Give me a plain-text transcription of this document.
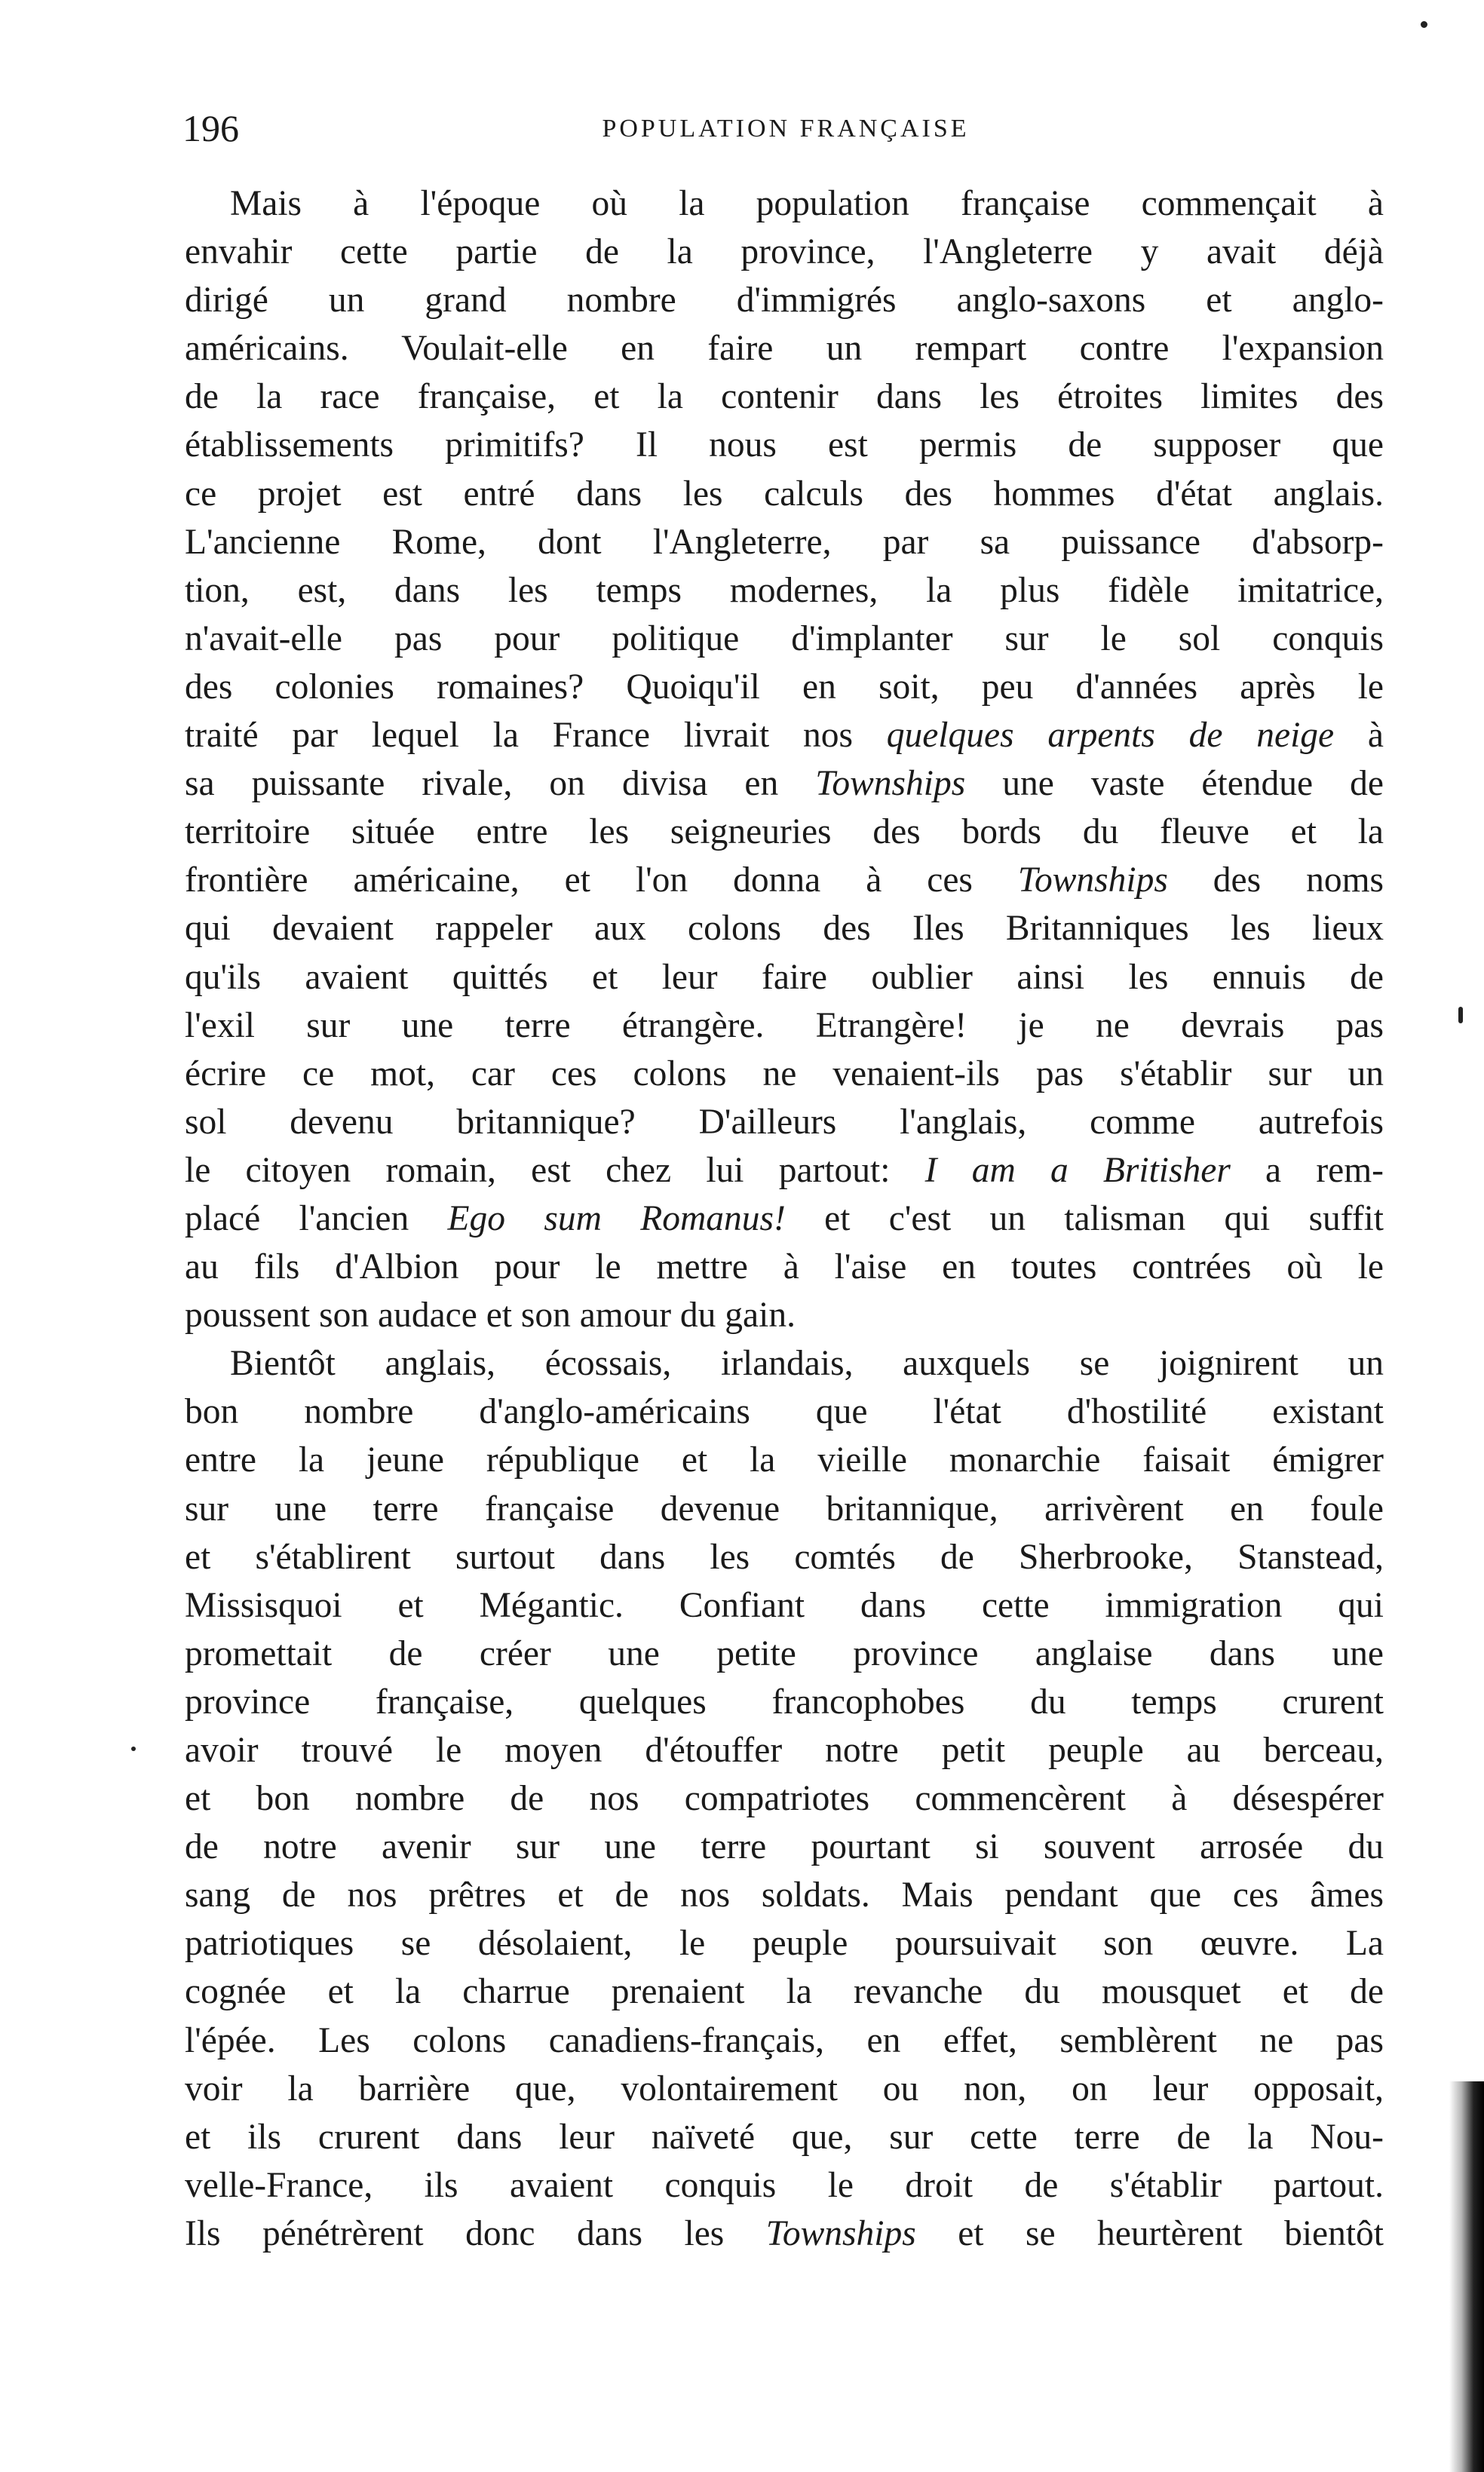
196	POPULATION FRANÇAISE
Mais à l'époque où la population française commençait à
envahir cette partie de la province, l'Angleterre y avait déjà
dirigé un grand nombre d'immigrés anglo-saxons et anglo-
américains. Voulait-elle en faire un rempart contre l'expansion
de la race française, et la contenir dans les étroites limites des
établissements primitifs? Il nous est permis de supposer que
ce projet est entré dans les calculs des hommes d'état anglais.
L'ancienne Rome, dont l'Angleterre, par sa puissance d'absorp-
tion, est, dans les temps modernes, la plus fidèle imitatrice,
n'avait-elle pas pour politique d'implanter sur le sol conquis
des colonies romaines? Quoiqu'il en soit, peu d'années après le
traité par lequel la France livrait nos quelques arpents de neige à
sa puissante rivale, on divisa en Townships une vaste étendue de
territoire située entre les seigneuries des bords du fleuve et la
frontière américaine, et l'on donna à ces Townships des noms
qui devaient rappeler aux colons des Iles Britanniques les lieux
qu'ils avaient quittés et leur faire oublier ainsi les ennuis de
l'exil sur une terre étrangère. Etrangère! je ne devrais pas
écrire ce mot, car ces colons ne venaient-ils pas s'établir sur un
sol devenu britannique? D'ailleurs l'anglais, comme autrefois
le citoyen romain, est chez lui partout: I am a Britisher a rem-
placé l'ancien Ego sum Romanus! et c'est un talisman qui suffit
au fils d'Albion pour le mettre à l'aise en toutes contrées où le
poussent son audace et son amour du gain.
Bientôt anglais, écossais, irlandais, auxquels se joignirent un
bon nombre d'anglo-américains que l'état d'hostilité existant
entre la jeune république et la vieille monarchie faisait émigrer
sur une terre française devenue britannique, arrivèrent en foule
et s'établirent surtout dans les comtés de Sherbrooke, Stanstead,
Missisquoi et Mégantic. Confiant dans cette immigration qui
promettait de créer une petite province anglaise dans une
province française, quelques francophobes du temps crurent
avoir trouvé le moyen d'étouffer notre petit peuple au berceau,
et bon nombre de nos compatriotes commencèrent à désespérer
de notre avenir sur une terre pourtant si souvent arrosée du
sang de nos prêtres et de nos soldats. Mais pendant que ces âmes
patriotiques se désolaient, le peuple poursuivait son œuvre. La
cognée et la charrue prenaient la revanche du mousquet et de
l'épée. Les colons canadiens-français, en effet, semblèrent ne pas
voir la barrière que, volontairement ou non, on leur opposait,
et ils crurent dans leur naïveté que, sur cette terre de la Nou-
velle-France, ils avaient conquis le droit de s'établir partout.
Ils pénétrèrent donc dans les Townships et se heurtèrent bientôt
